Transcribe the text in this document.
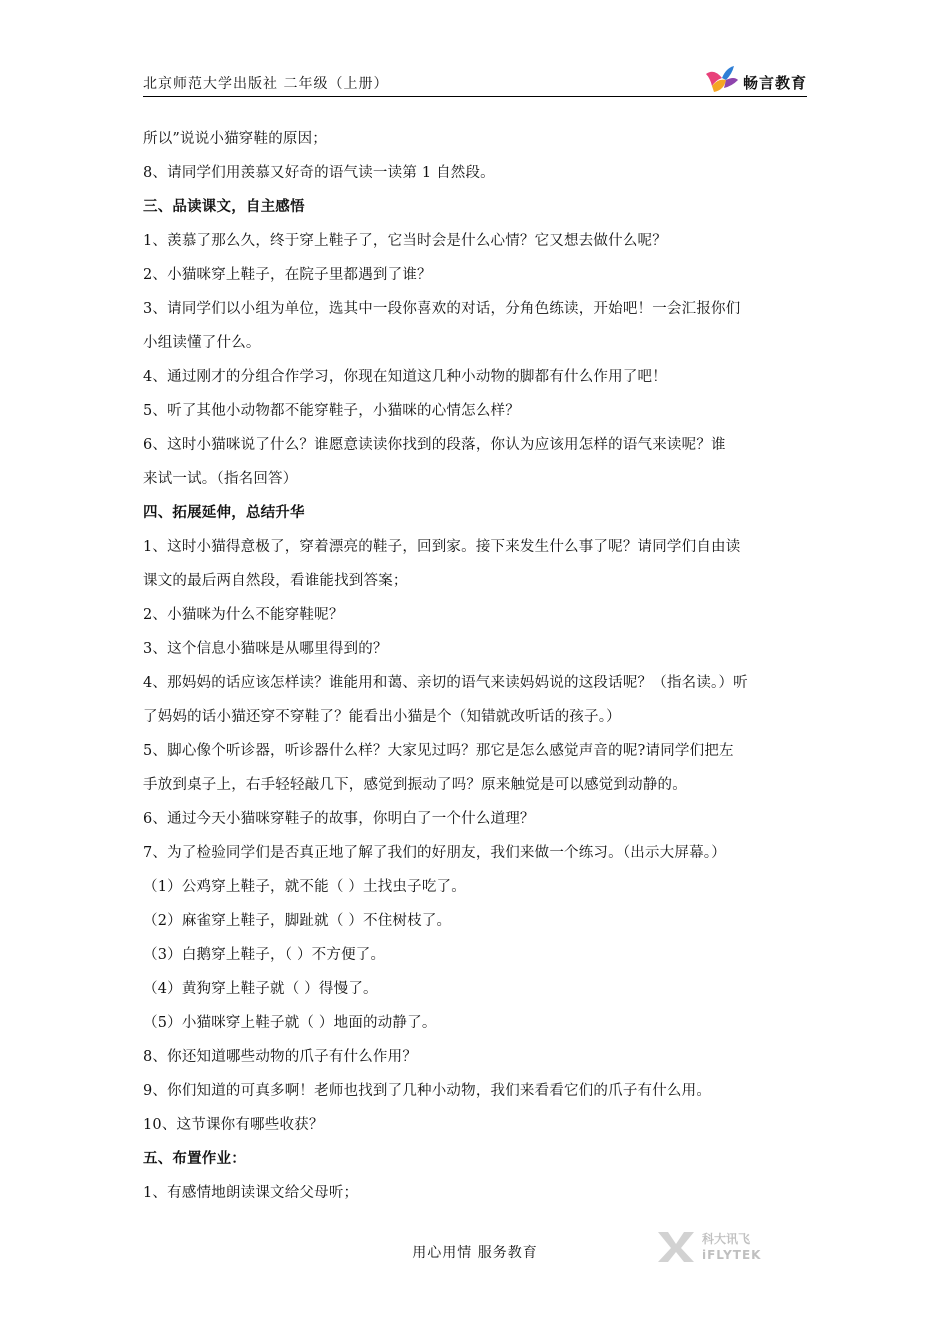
北京师范大学出版社 二年级（上册）	畅言教育
所以”说说小猫穿鞋的原因；
8、请同学们用羡慕又好奇的语气读一读第 1 自然段。
三、品读课文，自主感悟
1、羡慕了那么久，终于穿上鞋子了，它当时会是什么心情？它又想去做什么呢？
2、小猫咪穿上鞋子，在院子里都遇到了谁？
3、请同学们以小组为单位，选其中一段你喜欢的对话，分角色练读，开始吧！一会汇报你们
小组读懂了什么。
4、通过刚才的分组合作学习，你现在知道这几种小动物的脚都有什么作用了吧！
5、听了其他小动物都不能穿鞋子，小猫咪的心情怎么样？
6、这时小猫咪说了什么？谁愿意读读你找到的段落，你认为应该用怎样的语气来读呢？谁
来试一试。（指名回答）
四、拓展延伸，总结升华
1、这时小猫得意极了，穿着漂亮的鞋子，回到家。接下来发生什么事了呢？请同学们自由读
课文的最后两自然段，看谁能找到答案；
2、小猫咪为什么不能穿鞋呢？
3、这个信息小猫咪是从哪里得到的？
4、那妈妈的话应该怎样读？谁能用和蔼、亲切的语气来读妈妈说的这段话呢？（指名读。）听
了妈妈的话小猫还穿不穿鞋了？能看出小猫是个（知错就改听话的孩子。）
5、脚心像个听诊器，听诊器什么样？大家见过吗？那它是怎么感觉声音的呢?请同学们把左
手放到桌子上，右手轻轻敲几下，感觉到振动了吗？原来触觉是可以感觉到动静的。
6、通过今天小猫咪穿鞋子的故事，你明白了一个什么道理？
7、为了检验同学们是否真正地了解了我们的好朋友，我们来做一个练习。（出示大屏幕。）
（1）公鸡穿上鞋子，就不能（ ）土找虫子吃了。
（2）麻雀穿上鞋子，脚趾就（ ）不住树枝了。
（3）白鹅穿上鞋子，（ ）不方便了。
（4）黄狗穿上鞋子就（ ）得慢了。
（5）小猫咪穿上鞋子就（ ）地面的动静了。
8、你还知道哪些动物的爪子有什么作用？
9、你们知道的可真多啊！老师也找到了几种小动物，我们来看看它们的爪子有什么用。
10、这节课你有哪些收获？
五、布置作业：
1、有感情地朗读课文给父母听；
科大讯飞
iFLYTEK
用心用情 服务教育
